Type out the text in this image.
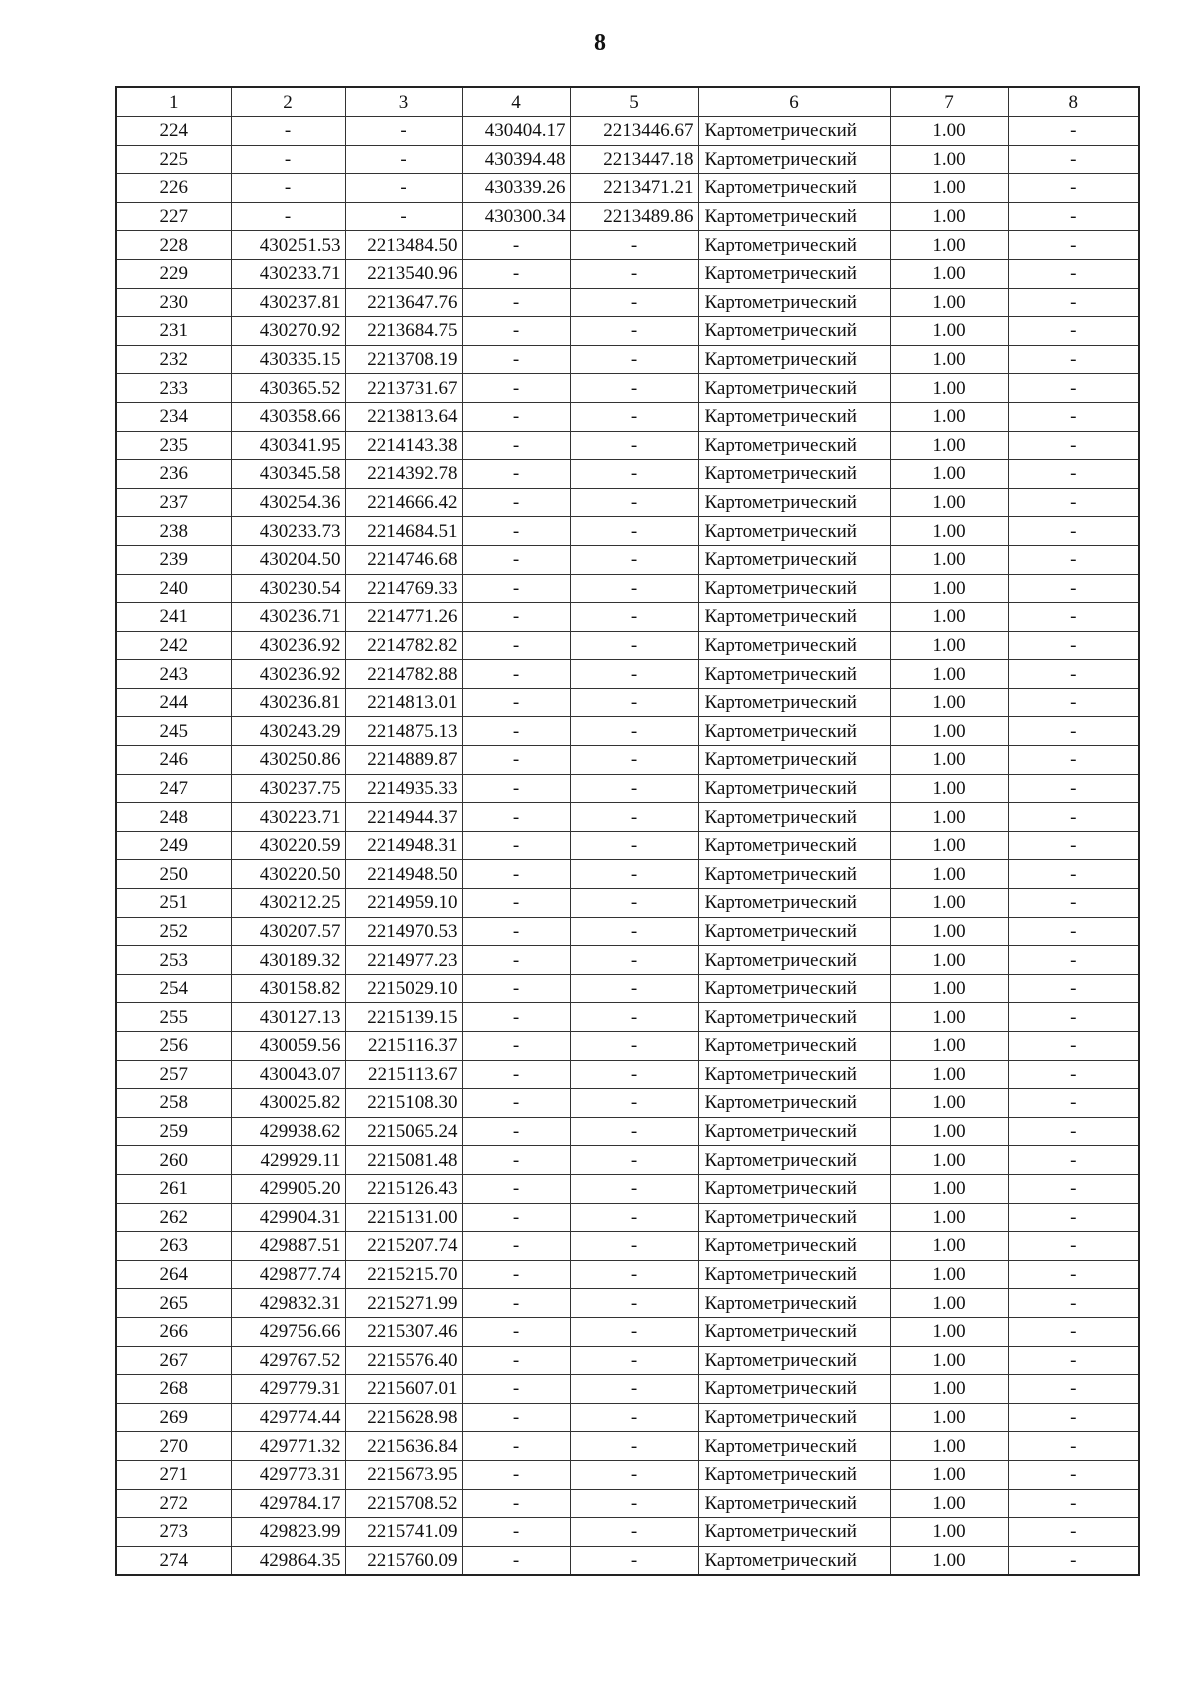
8
1	2	3	4	5	6	7	8
224	-	-	430404.17	2213446.67	Картометрический	1.00	-
225	-	-	430394.48	2213447.18	Картометрический	1.00	-
226	-	-	430339.26	2213471.21	Картометрический	1.00	-
227	-	-	430300.34	2213489.86	Картометрический	1.00	-
228	430251.53	2213484.50	-	-	Картометрический	1.00	-
229	430233.71	2213540.96	-	-	Картометрический	1.00	-
230	430237.81	2213647.76	-	-	Картометрический	1.00	-
231	430270.92	2213684.75	-	-	Картометрический	1.00	-
232	430335.15	2213708.19	-	-	Картометрический	1.00	-
233	430365.52	2213731.67	-	-	Картометрический	1.00	-
234	430358.66	2213813.64	-	-	Картометрический	1.00	-
235	430341.95	2214143.38	-	-	Картометрический	1.00	-
236	430345.58	2214392.78	-	-	Картометрический	1.00	-
237	430254.36	2214666.42	-	-	Картометрический	1.00	-
238	430233.73	2214684.51	-	-	Картометрический	1.00	-
239	430204.50	2214746.68	-	-	Картометрический	1.00	-
240	430230.54	2214769.33	-	-	Картометрический	1.00	-
241	430236.71	2214771.26	-	-	Картометрический	1.00	-
242	430236.92	2214782.82	-	-	Картометрический	1.00	-
243	430236.92	2214782.88	-	-	Картометрический	1.00	-
244	430236.81	2214813.01	-	-	Картометрический	1.00	-
245	430243.29	2214875.13	-	-	Картометрический	1.00	-
246	430250.86	2214889.87	-	-	Картометрический	1.00	-
247	430237.75	2214935.33	-	-	Картометрический	1.00	-
248	430223.71	2214944.37	-	-	Картометрический	1.00	-
249	430220.59	2214948.31	-	-	Картометрический	1.00	-
250	430220.50	2214948.50	-	-	Картометрический	1.00	-
251	430212.25	2214959.10	-	-	Картометрический	1.00	-
252	430207.57	2214970.53	-	-	Картометрический	1.00	-
253	430189.32	2214977.23	-	-	Картометрический	1.00	-
254	430158.82	2215029.10	-	-	Картометрический	1.00	-
255	430127.13	2215139.15	-	-	Картометрический	1.00	-
256	430059.56	2215116.37	-	-	Картометрический	1.00	-
257	430043.07	2215113.67	-	-	Картометрический	1.00	-
258	430025.82	2215108.30	-	-	Картометрический	1.00	-
259	429938.62	2215065.24	-	-	Картометрический	1.00	-
260	429929.11	2215081.48	-	-	Картометрический	1.00	-
261	429905.20	2215126.43	-	-	Картометрический	1.00	-
262	429904.31	2215131.00	-	-	Картометрический	1.00	-
263	429887.51	2215207.74	-	-	Картометрический	1.00	-
264	429877.74	2215215.70	-	-	Картометрический	1.00	-
265	429832.31	2215271.99	-	-	Картометрический	1.00	-
266	429756.66	2215307.46	-	-	Картометрический	1.00	-
267	429767.52	2215576.40	-	-	Картометрический	1.00	-
268	429779.31	2215607.01	-	-	Картометрический	1.00	-
269	429774.44	2215628.98	-	-	Картометрический	1.00	-
270	429771.32	2215636.84	-	-	Картометрический	1.00	-
271	429773.31	2215673.95	-	-	Картометрический	1.00	-
272	429784.17	2215708.52	-	-	Картометрический	1.00	-
273	429823.99	2215741.09	-	-	Картометрический	1.00	-
274	429864.35	2215760.09	-	-	Картометрический	1.00	-
